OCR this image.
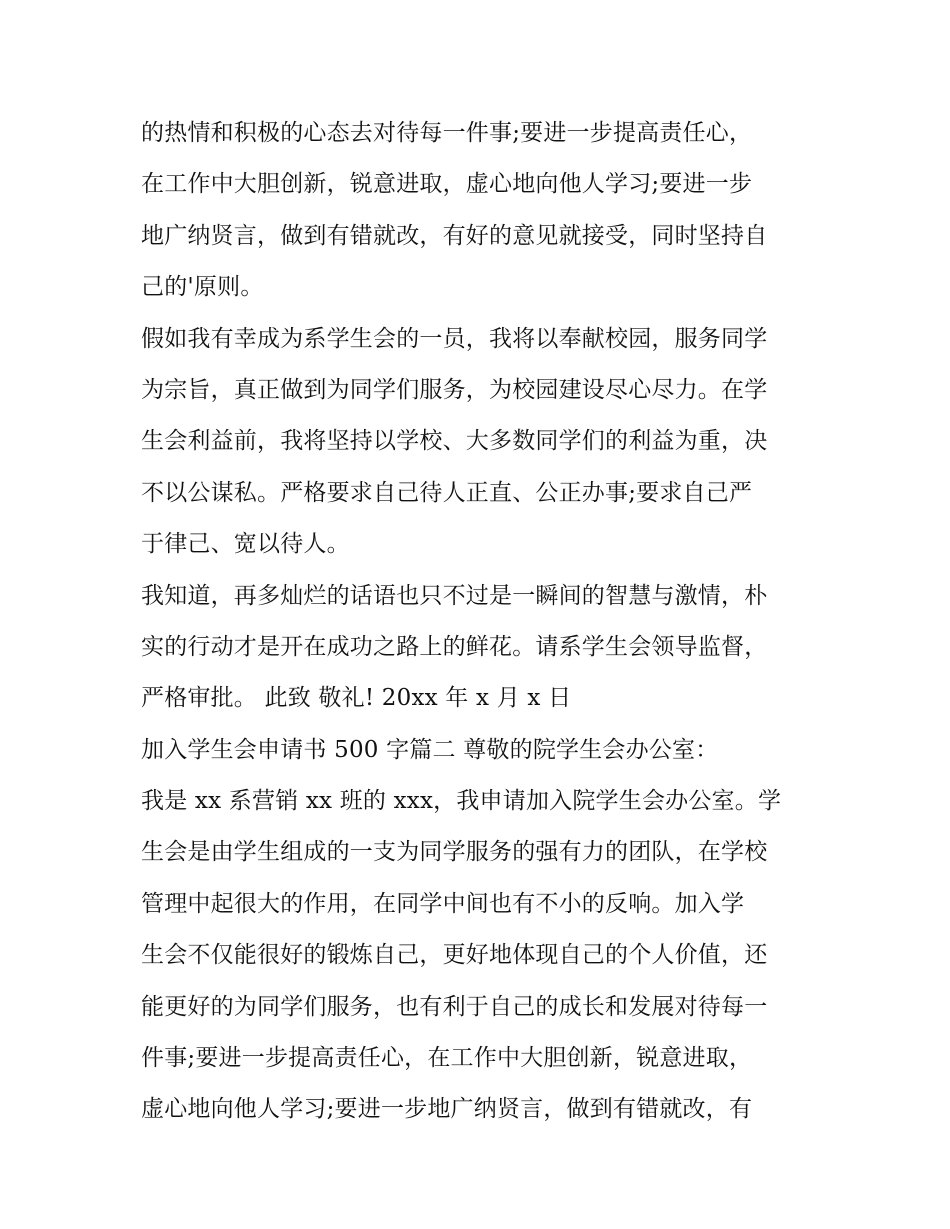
的热情和积极的心态去对待每一件事;要进一步提高责任心，
在工作中大胆创新，锐意进取，虚心地向他人学习;要进一步
地广纳贤言，做到有错就改，有好的意见就接受，同时坚持自
己的'原则。
假如我有幸成为系学生会的一员，我将以奉献校园，服务同学
为宗旨，真正做到为同学们服务，为校园建设尽心尽力。在学
生会利益前，我将坚持以学校、大多数同学们的利益为重，决
不以公谋私。严格要求自己待人正直、公正办事;要求自己严
于律己、宽以待人。
我知道，再多灿烂的话语也只不过是一瞬间的智慧与激情，朴
实的行动才是开在成功之路上的鲜花。请系学生会领导监督，
严格审批。 此致 敬礼! 20xx 年 x 月 x 日
加入学生会申请书 500 字篇二 尊敬的院学生会办公室：
我是 xx 系营销 xx 班的 xxx，我申请加入院学生会办公室。学
生会是由学生组成的一支为同学服务的强有力的团队，在学校
管理中起很大的作用，在同学中间也有不小的反响。加入学
生会不仅能很好的锻炼自己，更好地体现自己的个人价值，还
能更好的为同学们服务，也有利于自己的成长和发展对待每一
件事;要进一步提高责任心，在工作中大胆创新，锐意进取，
虚心地向他人学习;要进一步地广纳贤言，做到有错就改，有
